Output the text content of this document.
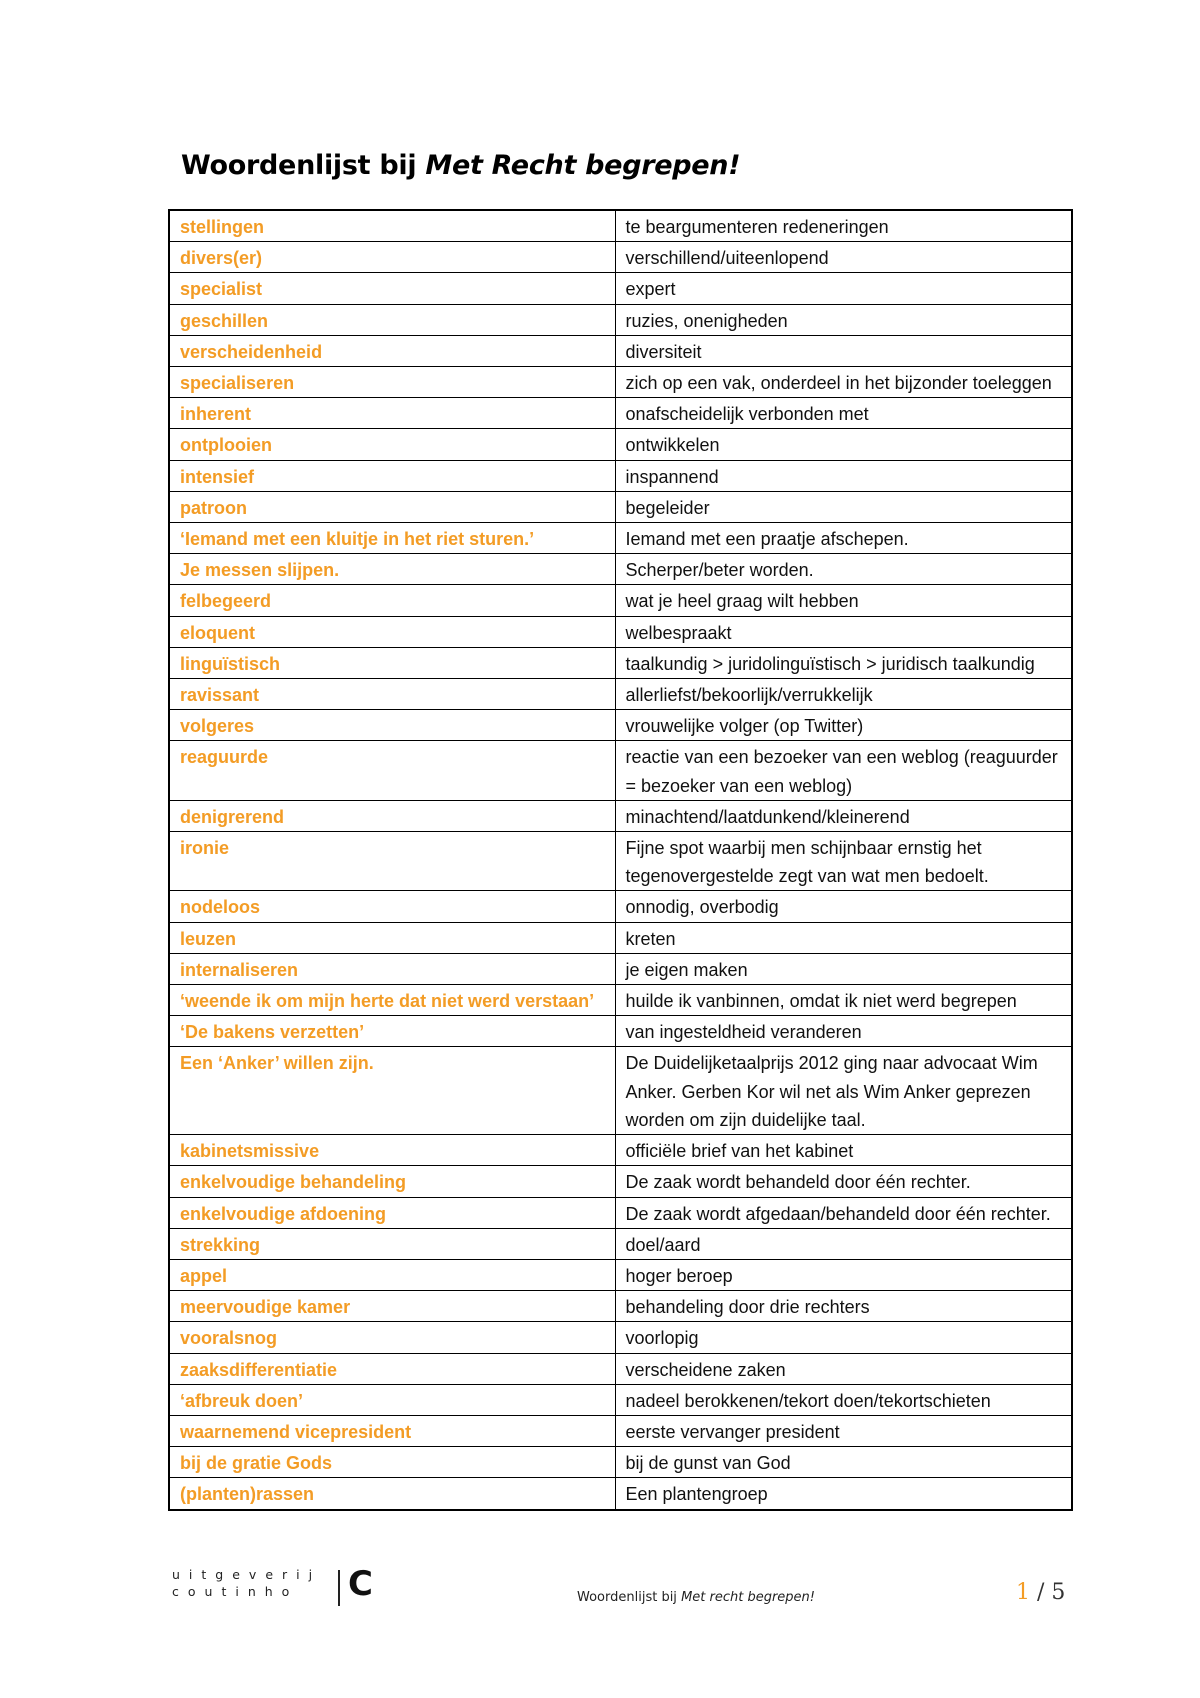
Woordenlijst bij Met Recht begrepen!
stellingen	te beargumenteren redeneringen
divers(er)	verschillend/uiteenlopend
specialist	expert
geschillen	ruzies, onenigheden
verscheidenheid	diversiteit
specialiseren	zich op een vak, onderdeel in het bijzonder toeleggen
inherent	onafscheidelijk verbonden met
ontplooien	ontwikkelen
intensief	inspannend
patroon	begeleider
‘Iemand met een kluitje in het riet sturen.’	Iemand met een praatje afschepen.
Je messen slijpen.	Scherper/beter worden.
felbegeerd	wat je heel graag wilt hebben
eloquent	welbespraakt
linguïstisch	taalkundig > juridolinguïstisch > juridisch taalkundig
ravissant	allerliefst/bekoorlijk/verrukkelijk
volgeres	vrouwelijke volger (op Twitter)
reaguurde	reactie van een bezoeker van een weblog (reaguurder = bezoeker van een weblog)
denigrerend	minachtend/laatdunkend/kleinerend
ironie	Fijne spot waarbij men schijnbaar ernstig het tegenovergestelde zegt van wat men bedoelt.
nodeloos	onnodig, overbodig
leuzen	kreten
internaliseren	je eigen maken
‘weende ik om mijn herte dat niet werd verstaan’	huilde ik vanbinnen, omdat ik niet werd begrepen
‘De bakens verzetten’	van ingesteldheid veranderen
Een ‘Anker’ willen zijn.	De Duidelijketaalprijs 2012 ging naar advocaat Wim Anker. Gerben Kor wil net als Wim Anker geprezen worden om zijn duidelijke taal.
kabinetsmissive	officiële brief van het kabinet
enkelvoudige behandeling	De zaak wordt behandeld door één rechter.
enkelvoudige afdoening	De zaak wordt afgedaan/behandeld door één rechter.
strekking	doel/aard
appel	hoger beroep
meervoudige kamer	behandeling door drie rechters
vooralsnog	voorlopig
zaaksdifferentiatie	verscheidene zaken
‘afbreuk doen’	nadeel berokkenen/tekort doen/tekortschieten
waarnemend vicepresident	eerste vervanger president
bij de gratie Gods	bij de gunst van God
(planten)rassen	Een plantengroep
uitgeverij
coutinho	C	Woordenlijst bij Met recht begrepen!	1 / 5
